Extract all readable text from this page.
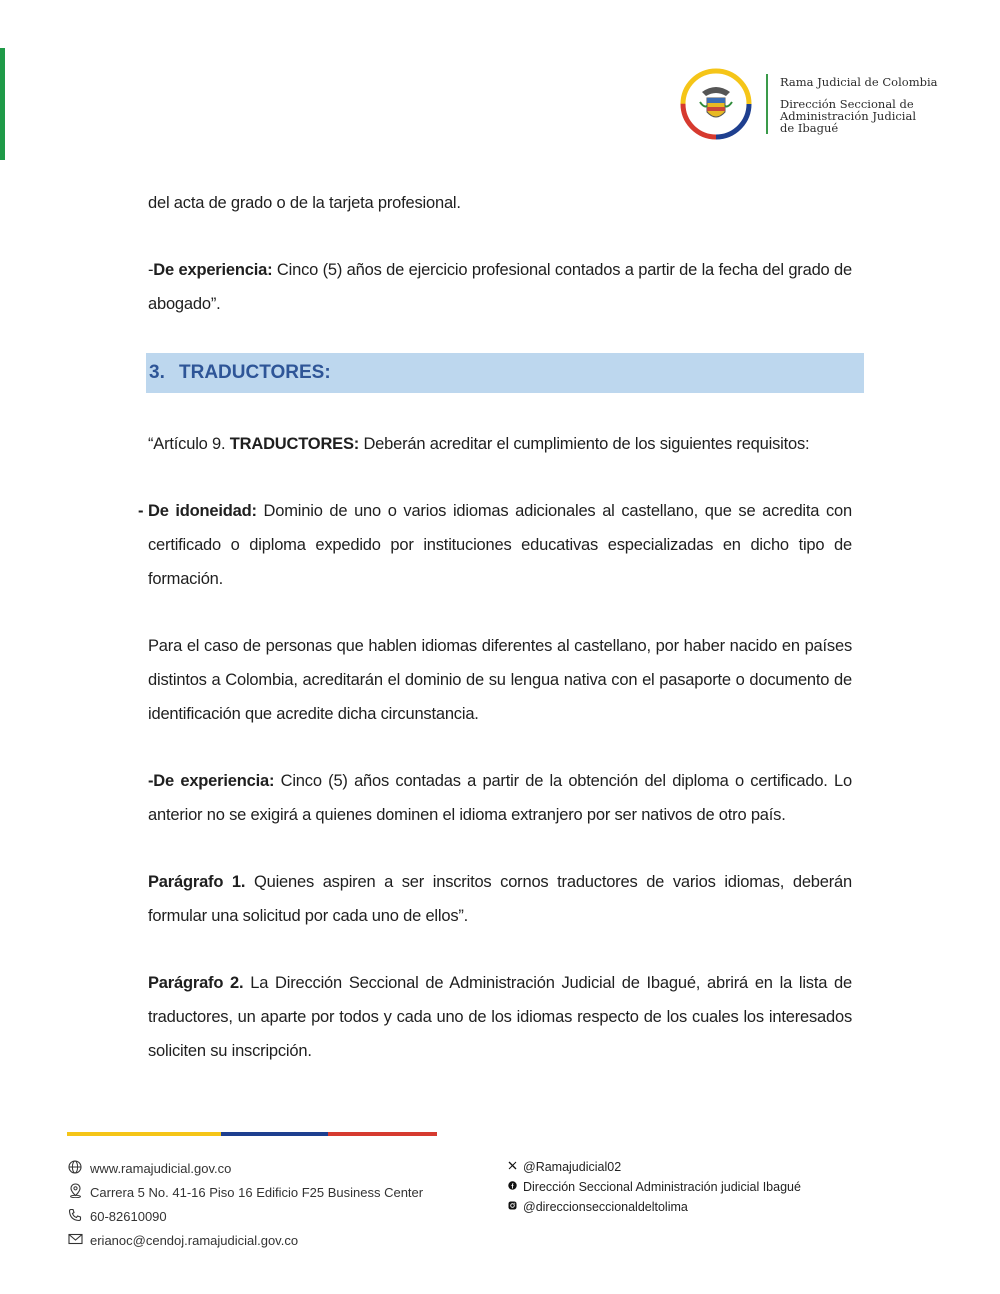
Rama Judicial de Colombia
Dirección Seccional de
Administración Judicial
de Ibagué

del acta de grado o de la tarjeta profesional.

-De experiencia: Cinco (5) años de ejercicio profesional contados a partir de la fecha del grado de abogado”.

3. TRADUCTORES:

“Artículo 9. TRADUCTORES: Deberán acreditar el cumplimiento de los siguientes requisitos:

De idoneidad: Dominio de uno o varios idiomas adicionales al castellano, que se acredita con certificado o diploma expedido por instituciones educativas especializadas en dicho tipo de formación.

Para el caso de personas que hablen idiomas diferentes al castellano, por haber nacido en países distintos a Colombia, acreditarán el dominio de su lengua nativa con el pasaporte o documento de identificación que acredite dicha circunstancia.

-De experiencia: Cinco (5) años contadas a partir de la obtención del diploma o certificado. Lo anterior no se exigirá a quienes dominen el idioma extranjero por ser nativos de otro país.

Parágrafo 1. Quienes aspiren a ser inscritos cornos traductores de varios idiomas, deberán formular una solicitud por cada uno de ellos”.

Parágrafo 2. La Dirección Seccional de Administración Judicial de Ibagué, abrirá en la lista de traductores, un aparte por todos y cada uno de los idiomas respecto de los cuales los interesados soliciten su inscripción.

-
www.ramajudicial.gov.co
Carrera 5 No. 41-16 Piso 16 Edificio F25 Business Center
60-82610090
erianoc@cendoj.ramajudicial.gov.co
@Ramajudicial02
Dirección Seccional Administración judicial Ibagué
@direccionseccionaldeltolima
